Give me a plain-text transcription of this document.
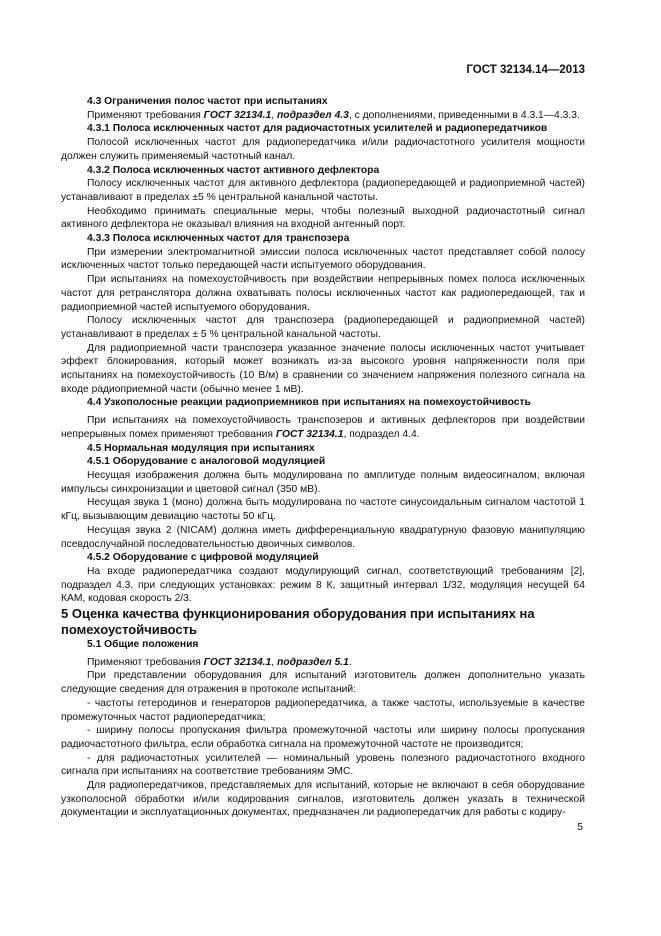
ГОСТ 32134.14—2013

4.3 Ограничения полос частот при испытаниях

Применяют требования ГОСТ 32134.1, подраздел 4.3, с дополнениями, приведенными в 4.3.1—4.3.3.

4.3.1 Полоса исключенных частот для радиочастотных усилителей и радиопередатчиков

Полосой исключенных частот для радиопередатчика и/или радиочастотного усилителя мощности должен служить применяемый частотный канал.

4.3.2 Полоса исключенных частот активного дефлектора

Полосу исключенных частот для активного дефлектора (радиопередающей и радиоприемной частей) устанавливают в пределах ±5 % центральной канальной частоты.

Необходимо принимать специальные меры, чтобы полезный выходной радиочастотный сигнал активного дефлектора не оказывал влияния на входной антенный порт.

4.3.3 Полоса исключенных частот для транспозера

При измерении электромагнитной эмиссии полоса исключенных частот представляет собой полосу исключенных частот только передающей части испытуемого оборудования.

При испытаниях на помехоустойчивость при воздействии непрерывных помех полоса исключенных частот для ретранслятора должна охватывать полосы исключенных частот как радиопередающей, так и радиоприемной частей испытуемого оборудования.

Полосу исключенных частот для транспозера (радиопередающей и радиоприемной частей) устанавливают в пределах ± 5 % центральной канальной частоты.

Для радиоприемной части транспозера указанное значение полосы исключенных частот учитывает эффект блокирования, который может возникать из-за высокого уровня напряженности поля при испытаниях на помехоустойчивость (10 В/м) в сравнении со значением напряжения полезного сигнала на входе радиоприемной части (обычно менее 1 мВ).

4.4 Узкополосные реакции радиоприемников при испытаниях на помехоустойчивость

При испытаниях на помехоустойчивость транспозеров и активных дефлекторов при воздействии непрерывных помех применяют требования ГОСТ 32134.1, подраздел 4.4.

4.5 Нормальная модуляция при испытаниях

4.5.1 Оборудование с аналоговой модуляцией

Несущая изображения должна быть модулирована по амплитуде полным видеосигналом, включая импульсы синхронизации и цветовой сигнал (350 мВ).

Несущая звука 1 (моно) должна быть модулирована по частоте синусоидальным сигналом частотой 1 кГц, вызывающим девиацию частоты 50 кГц.

Несущая звука 2 (NICAM) должна иметь дифференциальную квадратурную фазовую манипуляцию псевдослучайной последовательностью двоичных символов.

4.5.2 Оборудование с цифровой модуляцией

На входе радиопередатчика создают модулирующий сигнал, соответствующий требованиям [2], подраздел 4.3, при следующих установках: режим 8 К, защитный интервал 1/32, модуляция несущей 64 КАМ, кодовая скорость 2/3.

5 Оценка качества функционирования оборудования при испытаниях на помехоустойчивость

5.1 Общие положения

Применяют требования ГОСТ 32134.1, подраздел 5.1.

При представлении оборудования для испытаний изготовитель должен дополнительно указать следующие сведения для отражения в протоколе испытаний:

- частоты гетеродинов и генераторов радиопередатчика, а также частоты, используемые в качестве промежуточных частот радиопередатчика;

- ширину полосы пропускания фильтра промежуточной частоты или ширину полосы пропускания радиочастотного фильтра, если обработка сигнала на промежуточной частоте не производится;

- для радиочастотных усилителей — номинальный уровень полезного радиочастотного входного сигнала при испытаниях на соответствие требованиям ЭМС.

Для радиопередатчиков, представляемых для испытаний, которые не включают в себя оборудование узкополосной обработки и/или кодирования сигналов, изготовитель должен указать в технической документации и эксплуатационных документах, предназначен ли радиопередатчик для работы с кодиру-

5
